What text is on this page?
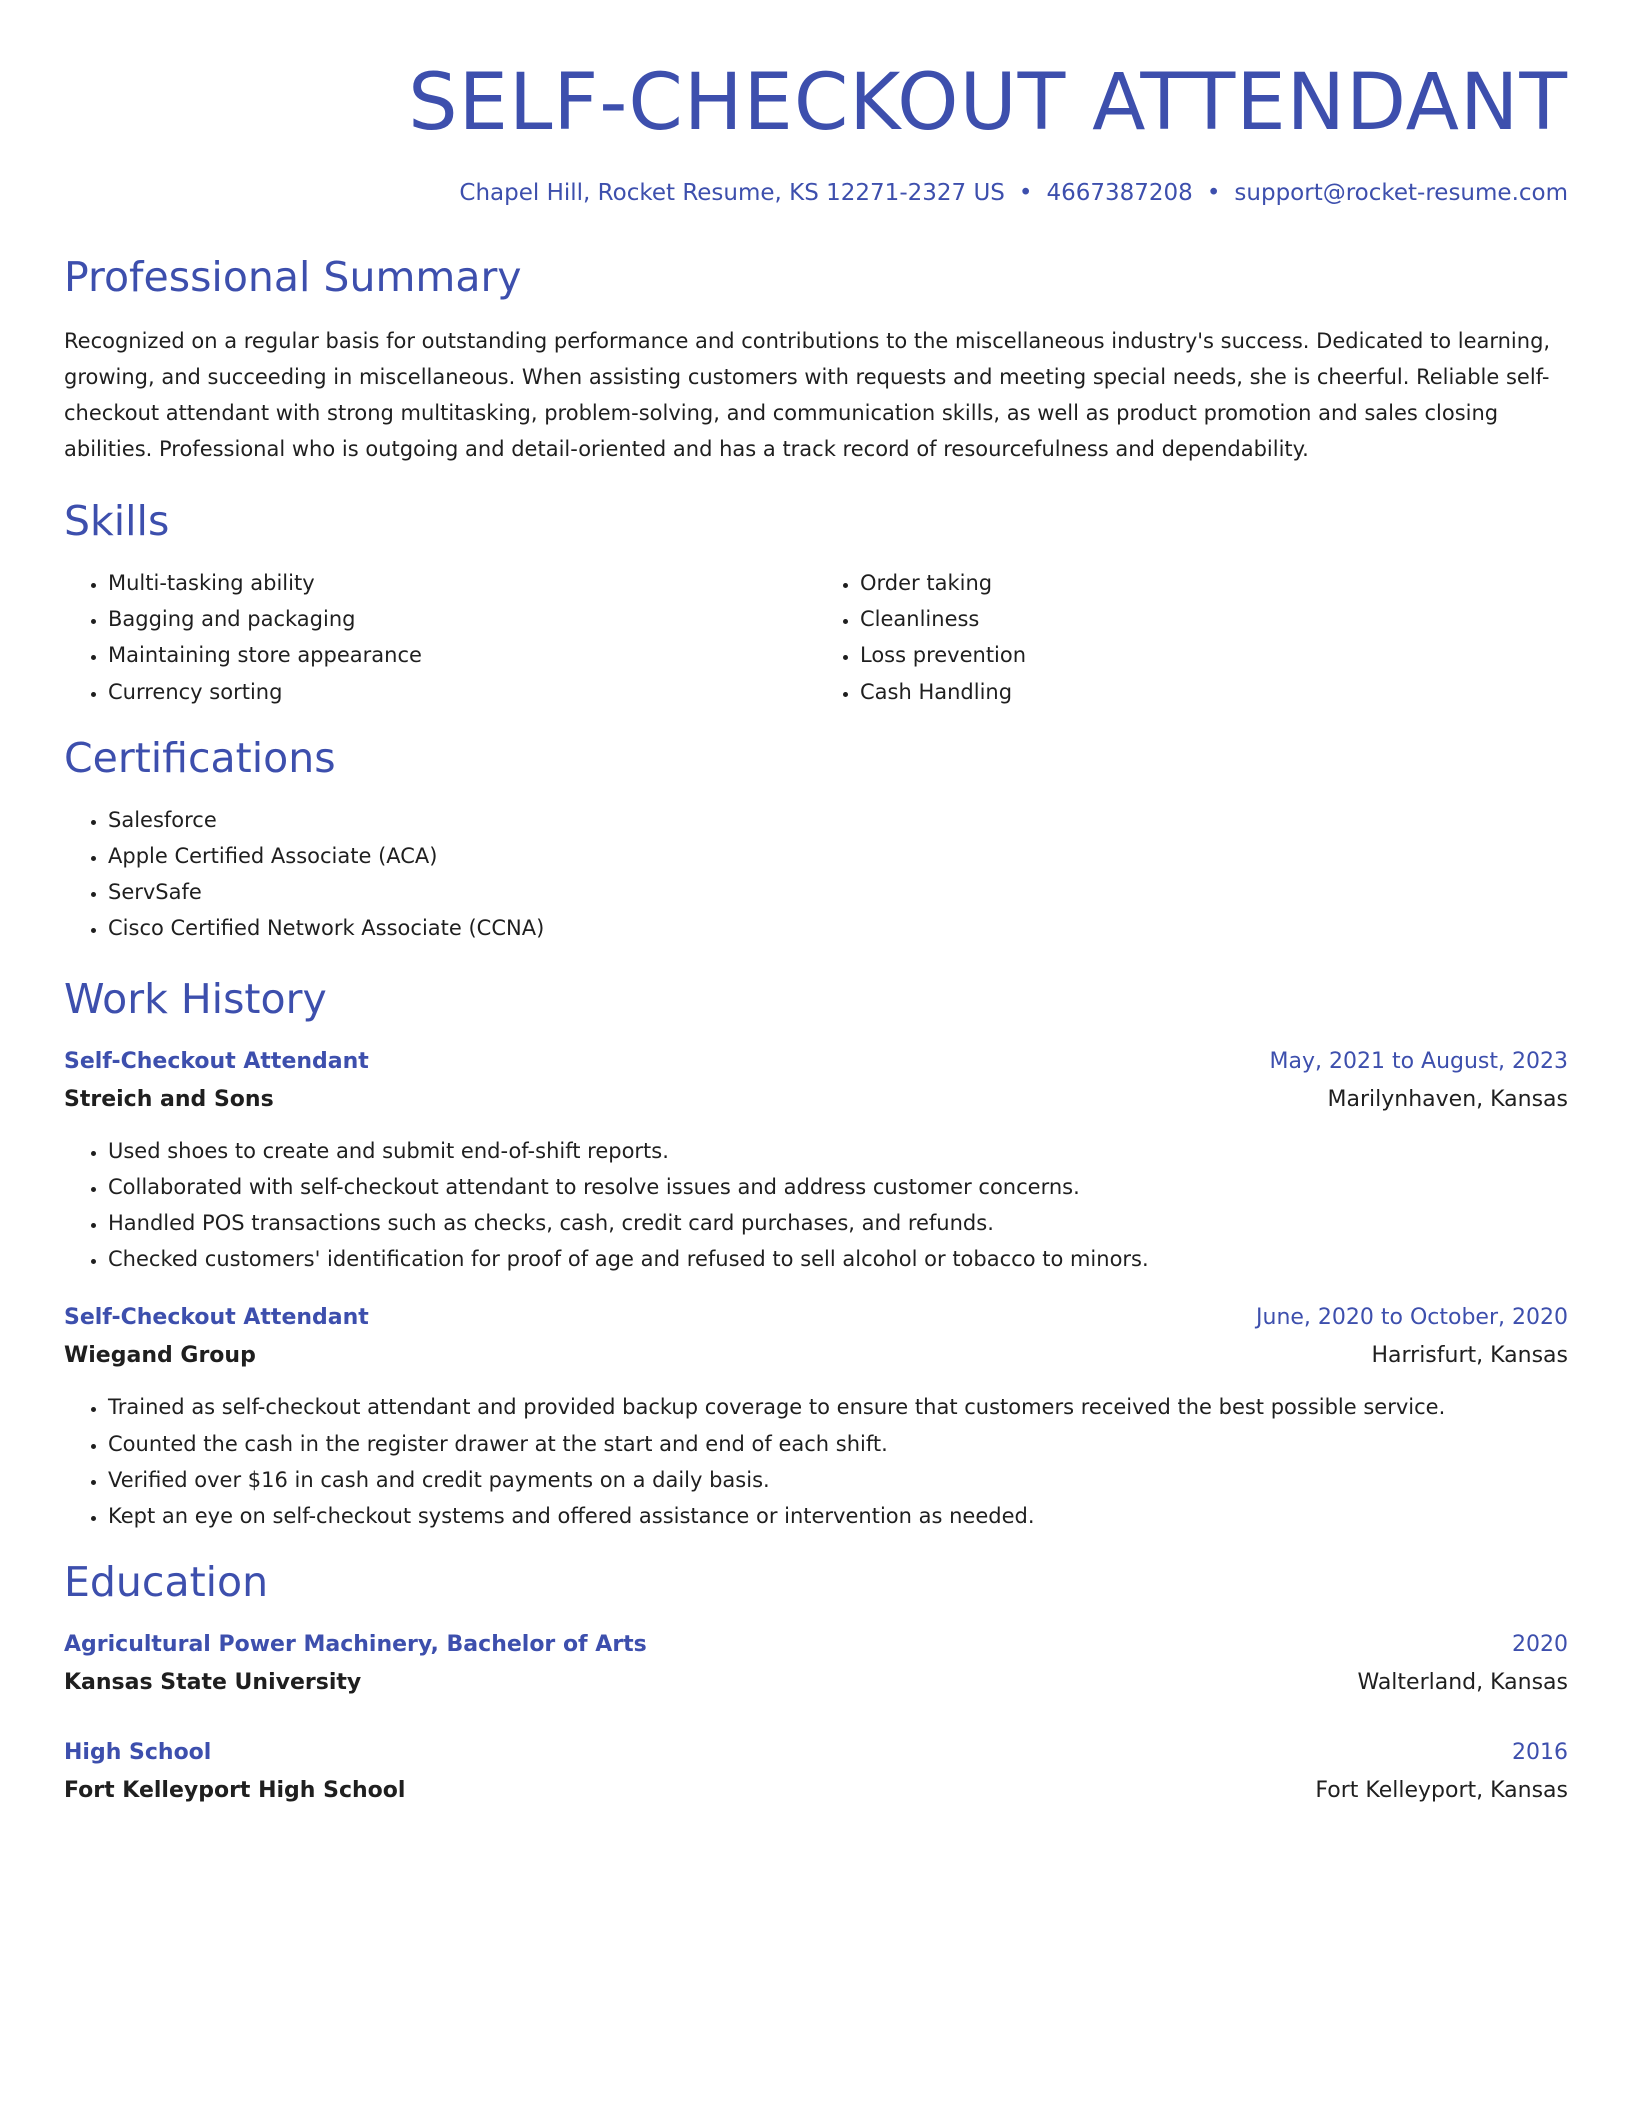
SELF-CHECKOUT ATTENDANT
Chapel Hill, Rocket Resume, KS 12271-2327 US • 4667387208 • support@rocket-resume.com
Professional Summary
Recognized on a regular basis for outstanding performance and contributions to the miscellaneous industry's success. Dedicated to learning, growing, and succeeding in miscellaneous. When assisting customers with requests and meeting special needs, she is cheerful. Reliable self-checkout attendant with strong multitasking, problem-solving, and communication skills, as well as product promotion and sales closing abilities. Professional who is outgoing and detail-oriented and has a track record of resourcefulness and dependability.
Skills
• Multi-tasking ability
• Bagging and packaging
• Maintaining store appearance
• Currency sorting
• Order taking
• Cleanliness
• Loss prevention
• Cash Handling
Certifications
• Salesforce
• Apple Certified Associate (ACA)
• ServSafe
• Cisco Certified Network Associate (CCNA)
Work History
Self-Checkout Attendant	May, 2021 to August, 2023
Streich and Sons	Marilynhaven, Kansas
• Used shoes to create and submit end-of-shift reports.
• Collaborated with self-checkout attendant to resolve issues and address customer concerns.
• Handled POS transactions such as checks, cash, credit card purchases, and refunds.
• Checked customers' identification for proof of age and refused to sell alcohol or tobacco to minors.
Self-Checkout Attendant	June, 2020 to October, 2020
Wiegand Group	Harrisfurt, Kansas
• Trained as self-checkout attendant and provided backup coverage to ensure that customers received the best possible service.
• Counted the cash in the register drawer at the start and end of each shift.
• Verified over $16 in cash and credit payments on a daily basis.
• Kept an eye on self-checkout systems and offered assistance or intervention as needed.
Education
Agricultural Power Machinery, Bachelor of Arts	2020
Kansas State University	Walterland, Kansas
High School	2016
Fort Kelleyport High School	Fort Kelleyport, Kansas
